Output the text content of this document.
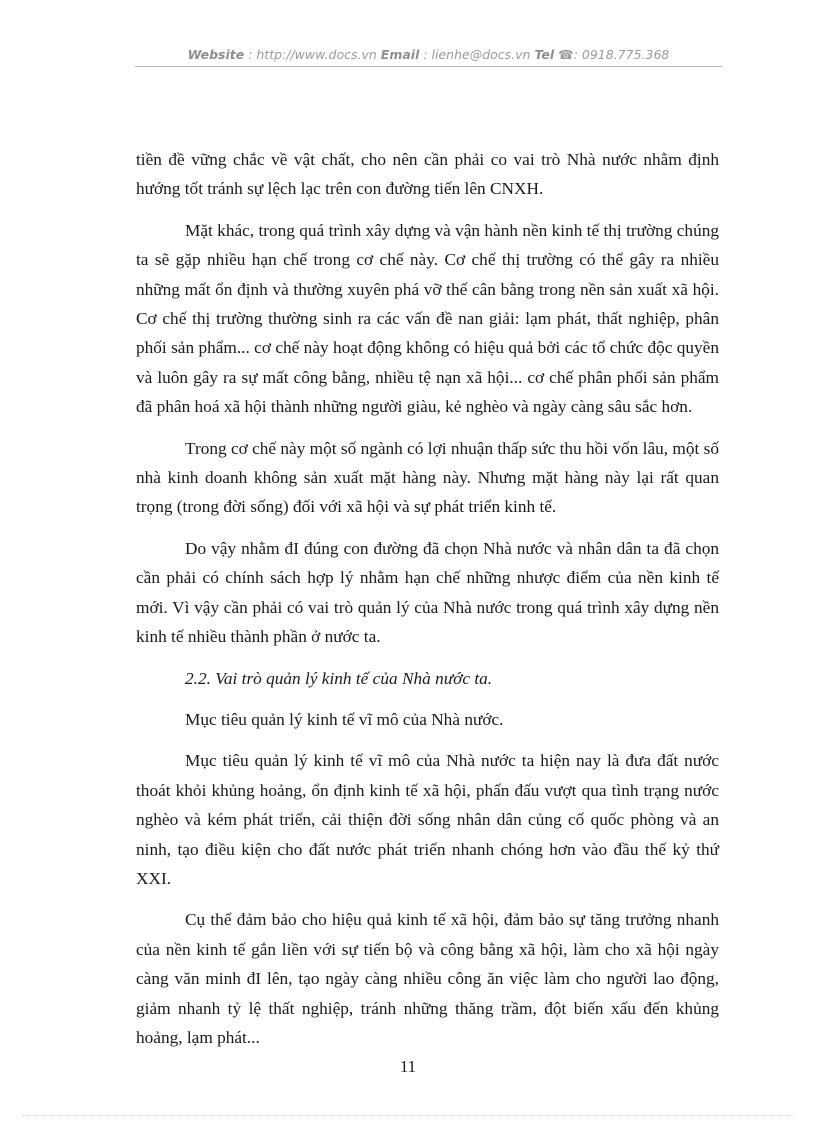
Website : http://www.docs.vn Email : lienhe@docs.vn Tel ☎: 0918.775.368

tiền đề vững chắc về vật chất, cho nên cần phải co vai trò Nhà nước nhằm định hướng tốt tránh sự lệch lạc trên con đường tiến lên CNXH.

Mặt khác, trong quá trình xây dựng và vận hành nền kinh tế thị trường chúng ta sẽ gặp nhiều hạn chế trong cơ chế này. Cơ chế thị trường có thể gây ra nhiều những mất ổn định và thường xuyên phá vỡ thế cân bằng trong nền sản xuất xã hội. Cơ chế thị trường thường sinh ra các vấn đề nan giải: lạm phát, thất nghiệp, phân phối sản phẩm... cơ chế này hoạt động không có hiệu quả bởi các tổ chức độc quyền và luôn gây ra sự mất công bằng, nhiều tệ nạn xã hội... cơ chế phân phối sản phẩm đã phân hoá xã hội thành những người giàu, kẻ nghèo và ngày càng sâu sắc hơn.

Trong cơ chế này một số ngành có lợi nhuận thấp sức thu hồi vốn lâu, một số nhà kinh doanh không sản xuất mặt hàng này. Nhưng mặt hàng này lại rất quan trọng (trong đời sống) đối với xã hội và sự phát triển kinh tế.

Do vậy nhằm đI đúng con đường đã chọn Nhà nước và nhân dân ta đã chọn cần phải có chính sách hợp lý nhằm hạn chế những nhược điểm của nền kinh tế mới. Vì vậy cần phải có vai trò quản lý của Nhà nước trong quá trình xây dựng nền kinh tế nhiều thành phần ở nước ta.

2.2. Vai trò quản lý kinh tế của Nhà nước ta.

Mục tiêu quản lý kinh tế vĩ mô của Nhà nước.

Mục tiêu quản lý kinh tế vĩ mô của Nhà nước ta hiện nay là đưa đất nước thoát khỏi khủng hoảng, ổn định kinh tế xã hội, phấn đấu vượt qua tình trạng nước nghèo và kém phát triển, cải thiện đời sống nhân dân củng cố quốc phòng và an ninh, tạo điều kiện cho đất nước phát triển nhanh chóng hơn vào đầu thế kỷ thứ XXI.

Cụ thể đảm bảo cho hiệu quả kinh tế xã hội, đảm bảo sự tăng trưởng nhanh của nền kinh tế gắn liền với sự tiến bộ và công bằng xã hội, làm cho xã hội ngày càng văn minh đI lên, tạo ngày càng nhiều công ăn việc làm cho người lao động, giảm nhanh tỷ lệ thất nghiệp, tránh những thăng trầm, đột biến xấu đến khủng hoảng, lạm phát...

11
